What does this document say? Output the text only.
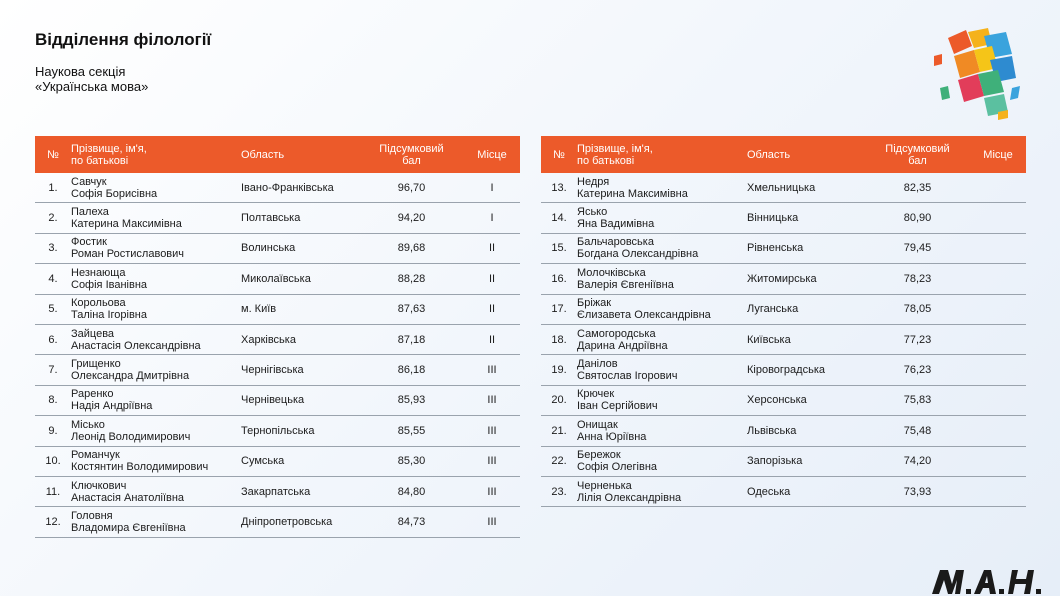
Відділення філології
Наукова секція
«Українська мова»
№	Прізвище, ім'я,
по батькові	Область	Підсумковий
бал	Місце
1.	Савчук
Софія Борисівна	Івано-Франківська	96,70	I
2.	Палеха
Катерина Максимівна	Полтавська	94,20	I
3.	Фостик
Роман Ростиславович	Волинська	89,68	II
4.	Незнающа
Софія Іванівна	Миколаївська	88,28	II
5.	Корольова
Таліна Ігорівна	м. Київ	87,63	II
6.	Зайцева
Анастасія Олександрівна	Харківська	87,18	II
7.	Грищенко
Олександра Дмитрівна	Чернігівська	86,18	III
8.	Раренко
Надія Андріївна	Чернівецька	85,93	III
9.	Місько
Леонід Володимирович	Тернопільська	85,55	III
10.	Романчук
Костянтин Володимирович	Сумська	85,30	III
11.	Ключкович
Анастасія Анатоліївна	Закарпатська	84,80	III
12.	Головня
Владомира Євгеніївна	Дніпропетровська	84,73	III
№	Прізвище, ім'я,
по батькові	Область	Підсумковий
бал	Місце
13.	Недря
Катерина Максимівна	Хмельницька	82,35	
14.	Ясько
Яна Вадимівна	Вінницька	80,90	
15.	Бальчаровська
Богдана Олександрівна	Рівненська	79,45	
16.	Молочківська
Валерія Євгеніївна	Житомирська	78,23	
17.	Бріжак
Єлизавета Олександрівна	Луганська	78,05	
18.	Самогородська
Дарина Андріївна	Київська	77,23	
19.	Данілов
Святослав Ігорович	Кіровоградська	76,23	
20.	Крючек
Іван Сергійович	Херсонська	75,83	
21.	Онищак
Анна Юріївна	Львівська	75,48	
22.	Бережок
Софія Олегівна	Запорізька	74,20	
23.	Черненька
Лілія Олександрівна	Одеська	73,93	
